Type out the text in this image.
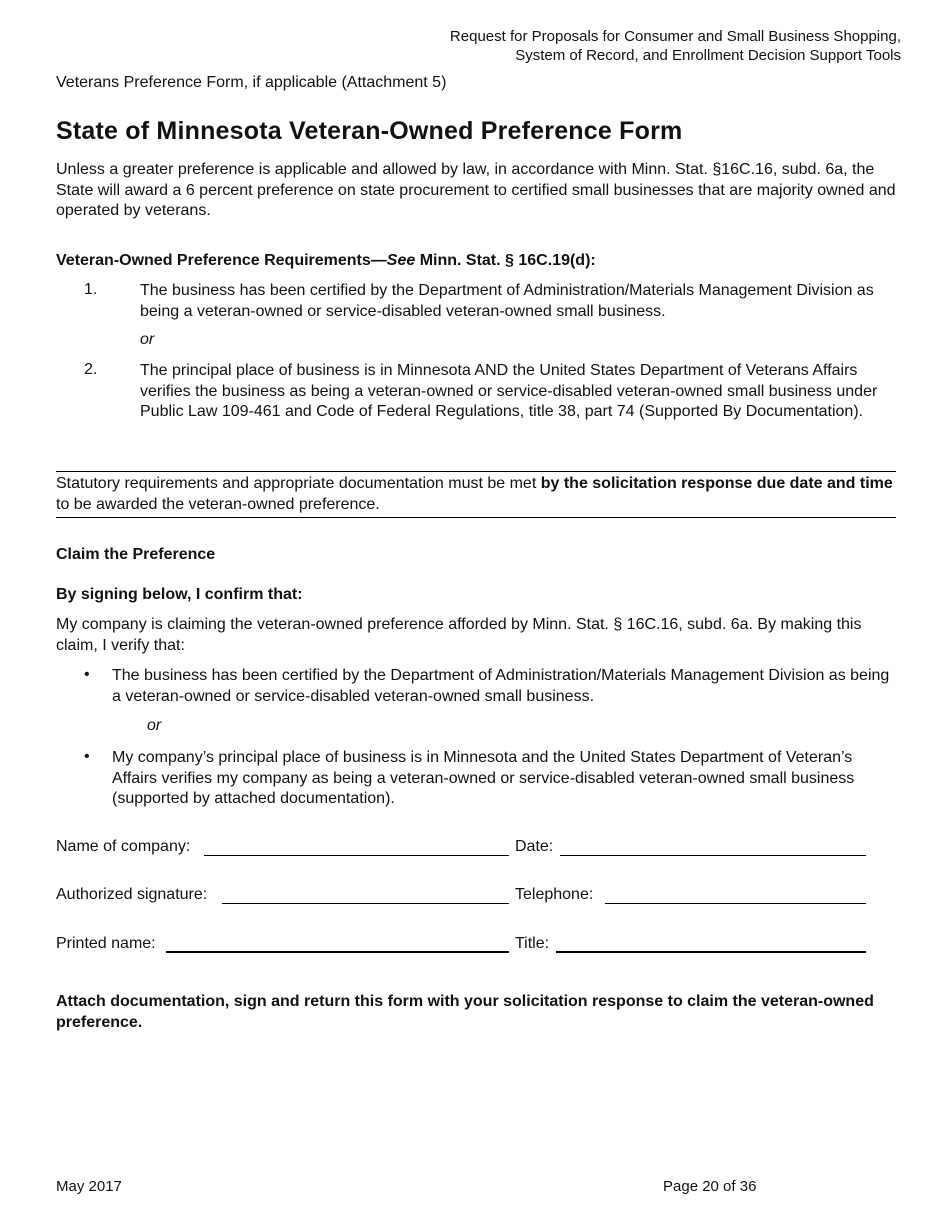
Request for Proposals for Consumer and Small Business Shopping,
System of Record, and Enrollment Decision Support Tools
Veterans Preference Form, if applicable (Attachment 5)
State of Minnesota Veteran-Owned Preference Form

Unless a greater preference is applicable and allowed by law, in accordance with Minn. Stat. §16C.16, subd. 6a, the State will award a 6 percent preference on state procurement to certified small businesses that are majority owned and operated by veterans.

Veteran-Owned Preference Requirements—See Minn. Stat. § 16C.19(d):

1.	The business has been certified by the Department of Administration/Materials Management Division as being a veteran-owned or service-disabled veteran-owned small business.
or
2.	The principal place of business is in Minnesota AND the United States Department of Veterans Affairs verifies the business as being a veteran-owned or service-disabled veteran-owned small business under Public Law 109-461 and Code of Federal Regulations, title 38, part 74 (Supported By Documentation).

Statutory requirements and appropriate documentation must be met by the solicitation response due date and time to be awarded the veteran-owned preference.

Claim the Preference

By signing below, I confirm that:

My company is claiming the veteran-owned preference afforded by Minn. Stat. § 16C.16, subd. 6a. By making this claim, I verify that:

• The business has been certified by the Department of Administration/Materials Management Division as being a veteran-owned or service-disabled veteran-owned small business.
or
• My company’s principal place of business is in Minnesota and the United States Department of Veteran’s Affairs verifies my company as being a veteran-owned or service-disabled veteran-owned small business (supported by attached documentation).
Name of company:	Date:
Authorized signature:	Telephone:
Printed name:	Title:

Attach documentation, sign and return this form with your solicitation response to claim the veteran-owned preference.

May 2017	Page 20 of 36
